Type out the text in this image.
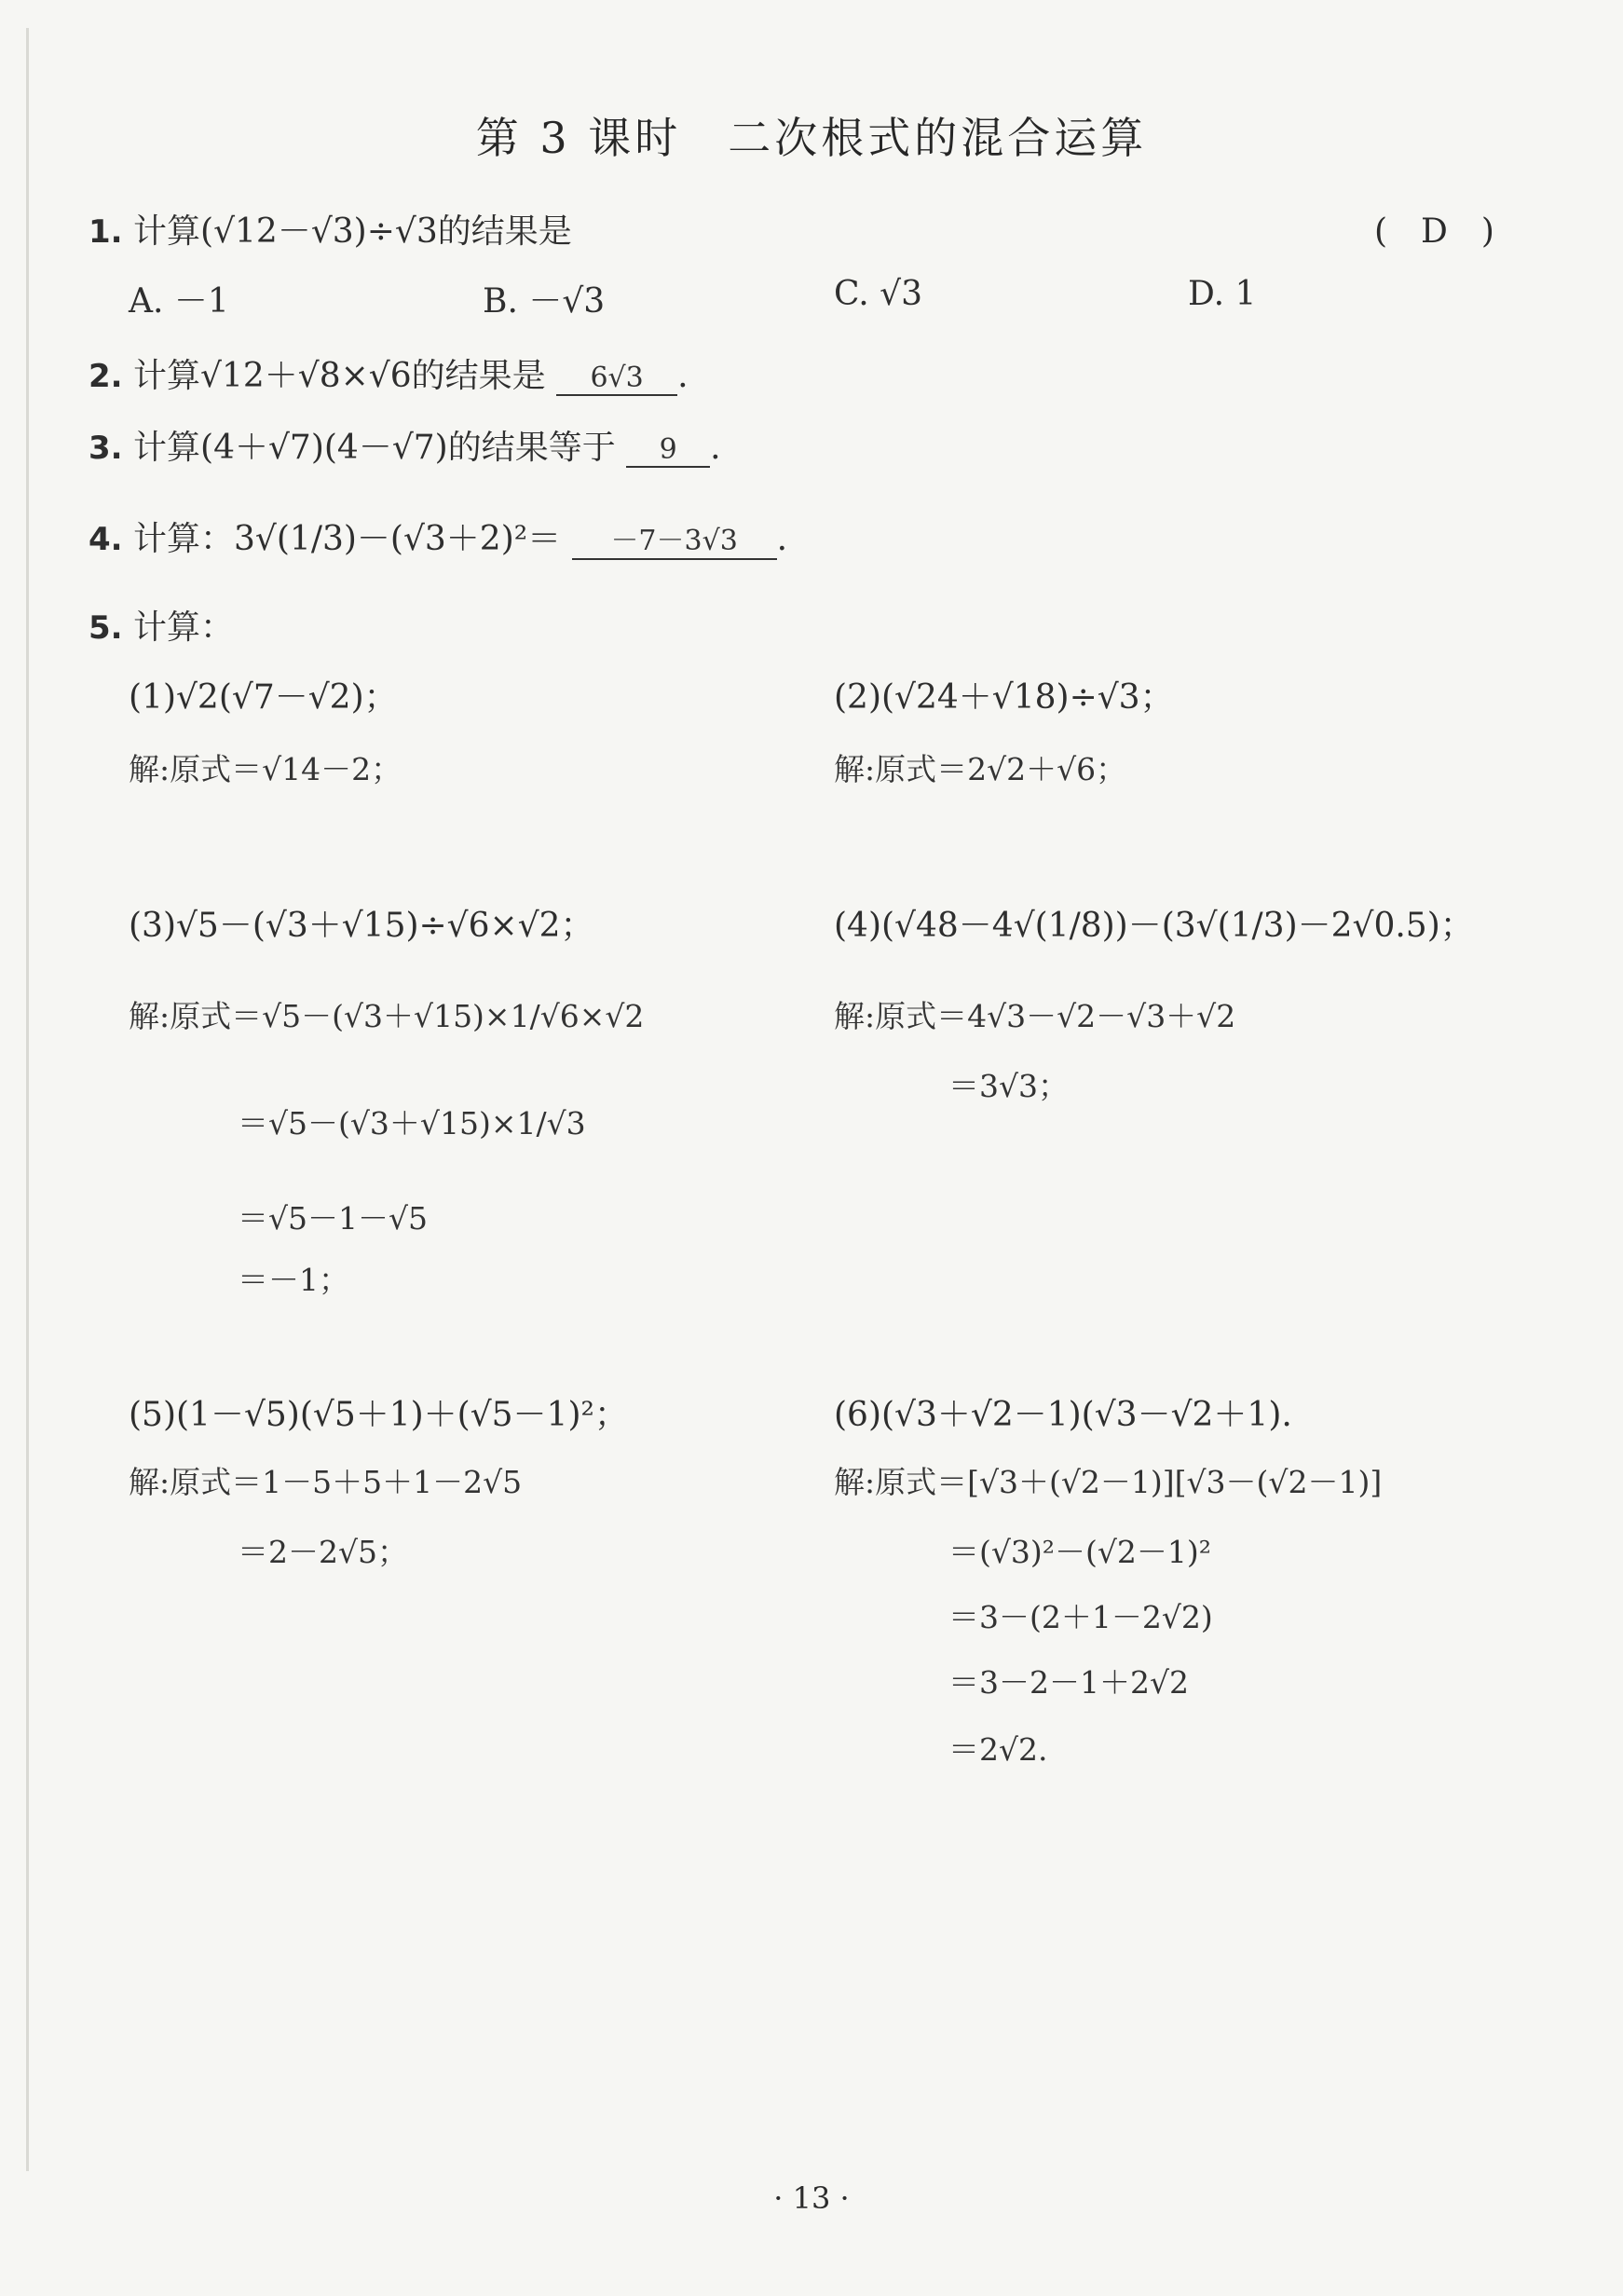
第 3 课时　二次根式的混合运算
1. 计算(√12－√3)÷√3的结果是	(　D　)
A. －1	B. －√3	C. √3	D. 1
2. 计算√12＋√8×√6的结果是 6√3 .
3. 计算(4＋√7)(4－√7)的结果等于 9 .
4. 计算：3√(1/3)－(√3＋2)²＝ －7－3√3 .
5. 计算：
(1)√2(√7－√2)；
解:原式＝√14－2；
(2)(√24＋√18)÷√3；
解:原式＝2√2＋√6；
(3)√5－(√3＋√15)÷√6×√2；
解:原式＝√5－(√3＋√15)×1/√6×√2
＝√5－(√3＋√15)×1/√3
＝√5－1－√5
＝－1；
(4)(√48－4√(1/8))－(3√(1/3)－2√0.5)；
解:原式＝4√3－√2－√3＋√2
＝3√3；
(5)(1－√5)(√5＋1)＋(√5－1)²；
解:原式＝1－5＋5＋1－2√5
＝2－2√5；
(6)(√3＋√2－1)(√3－√2＋1).
解:原式＝[√3＋(√2－1)][√3－(√2－1)]
＝(√3)²－(√2－1)²
＝3－(2＋1－2√2)
＝3－2－1＋2√2
＝2√2.
· 13 ·
